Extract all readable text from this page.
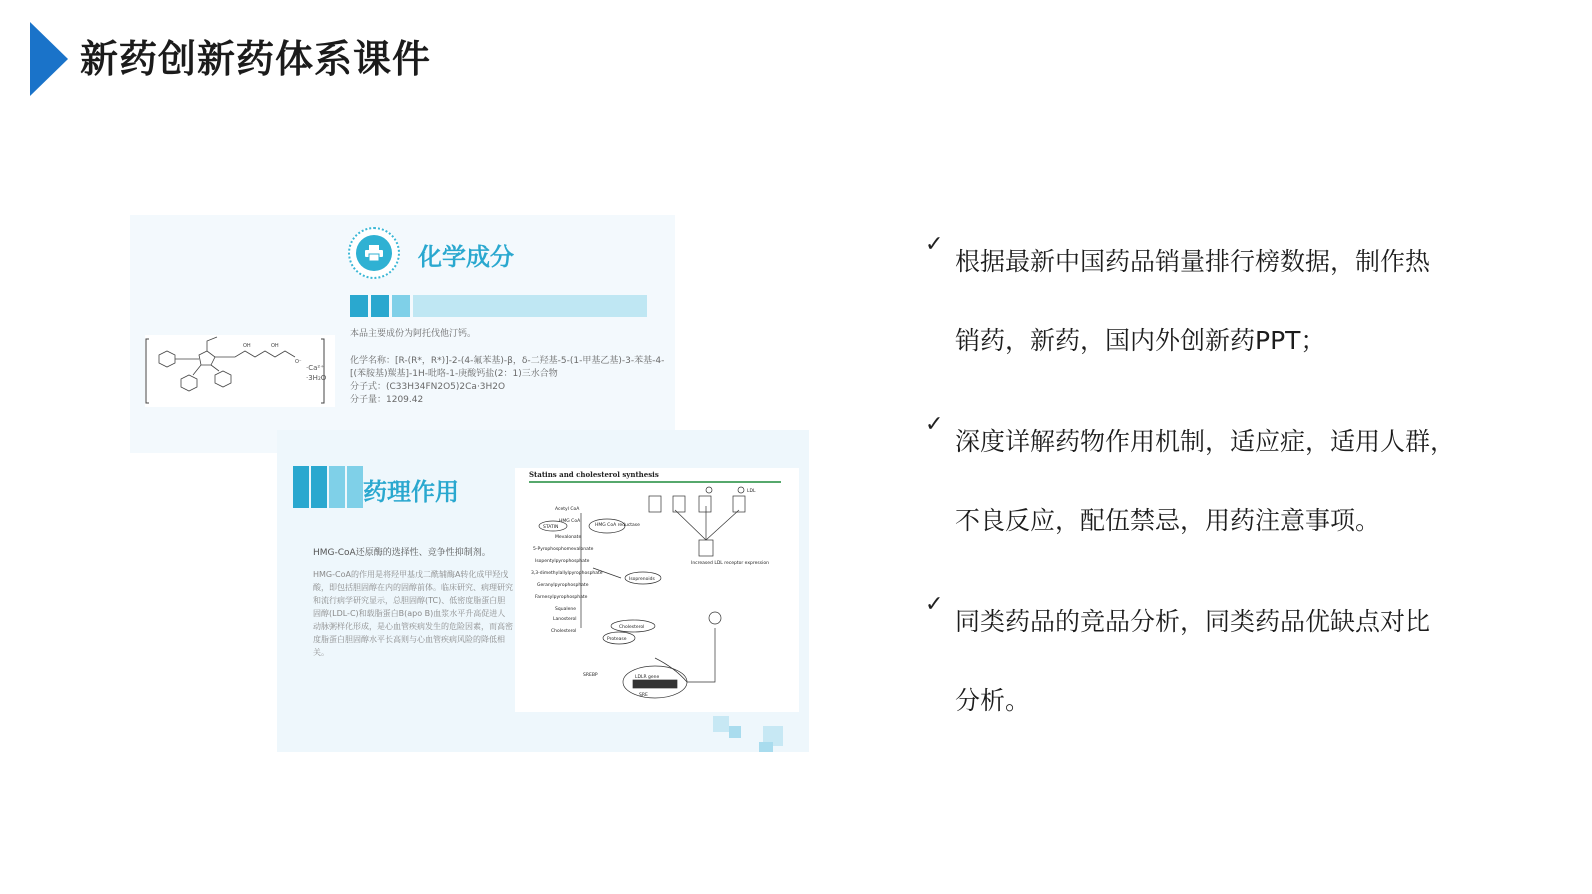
新药创新药体系课件
化学成分
本品主要成份为阿托伐他汀钙。
化学名称：[R-(R*，R*)]-2-(4-氟苯基)-β，δ-二羟基-5-(1-甲基乙基)-3-苯基-4-
[(苯胺基)羰基]-1H-吡咯-1-庚酸钙盐(2：1)三水合物
分子式：(C33H34FN2O5)2Ca·3H2O
分子量：1209.42
OH	OH
O⁻
·Ca²⁺
·3H₂O
药理作用
HMG-CoA还原酶的选择性、竞争性抑制剂。
HMG-CoA的作用是将羟甲基戊二酰辅酶A转化成甲羟戊酸，即包括胆固醇在内的固醇前体。临床研究、病理研究和流行病学研究显示，总胆固醇(TC)、低密度脂蛋白胆固醇(LDL-C)和载脂蛋白B(apo B)血浆水平升高促进人动脉粥样化形成，是心血管疾病发生的危险因素，而高密度脂蛋白胆固醇水平长高则与心血管疾病风险的降低相关。
Statins and cholesterol synthesis
Acetyl CoA
STATIN
HMG CoA
HMG CoA reductase
Mevalonate
5-Pyrophosphomevalonate
Isopentylpyrophosphate
3,3-dimethylallylpyrophosphate
Geranylpyrophosphate
Farnesylpyrophosphate
Isoprenoids
Squalene
Lanosterol
Cholesterol
Cholesterol
Protease
SREBP	LDLR gene
SRE
LDL
Increased LDL receptor expression
✓
根据最新中国药品销量排行榜数据，制作热
销药，新药，国内外创新药PPT；
✓
深度详解药物作用机制，适应症，适用人群，
不良反应，配伍禁忌，用药注意事项。
✓
同类药品的竞品分析，同类药品优缺点对比
分析。
